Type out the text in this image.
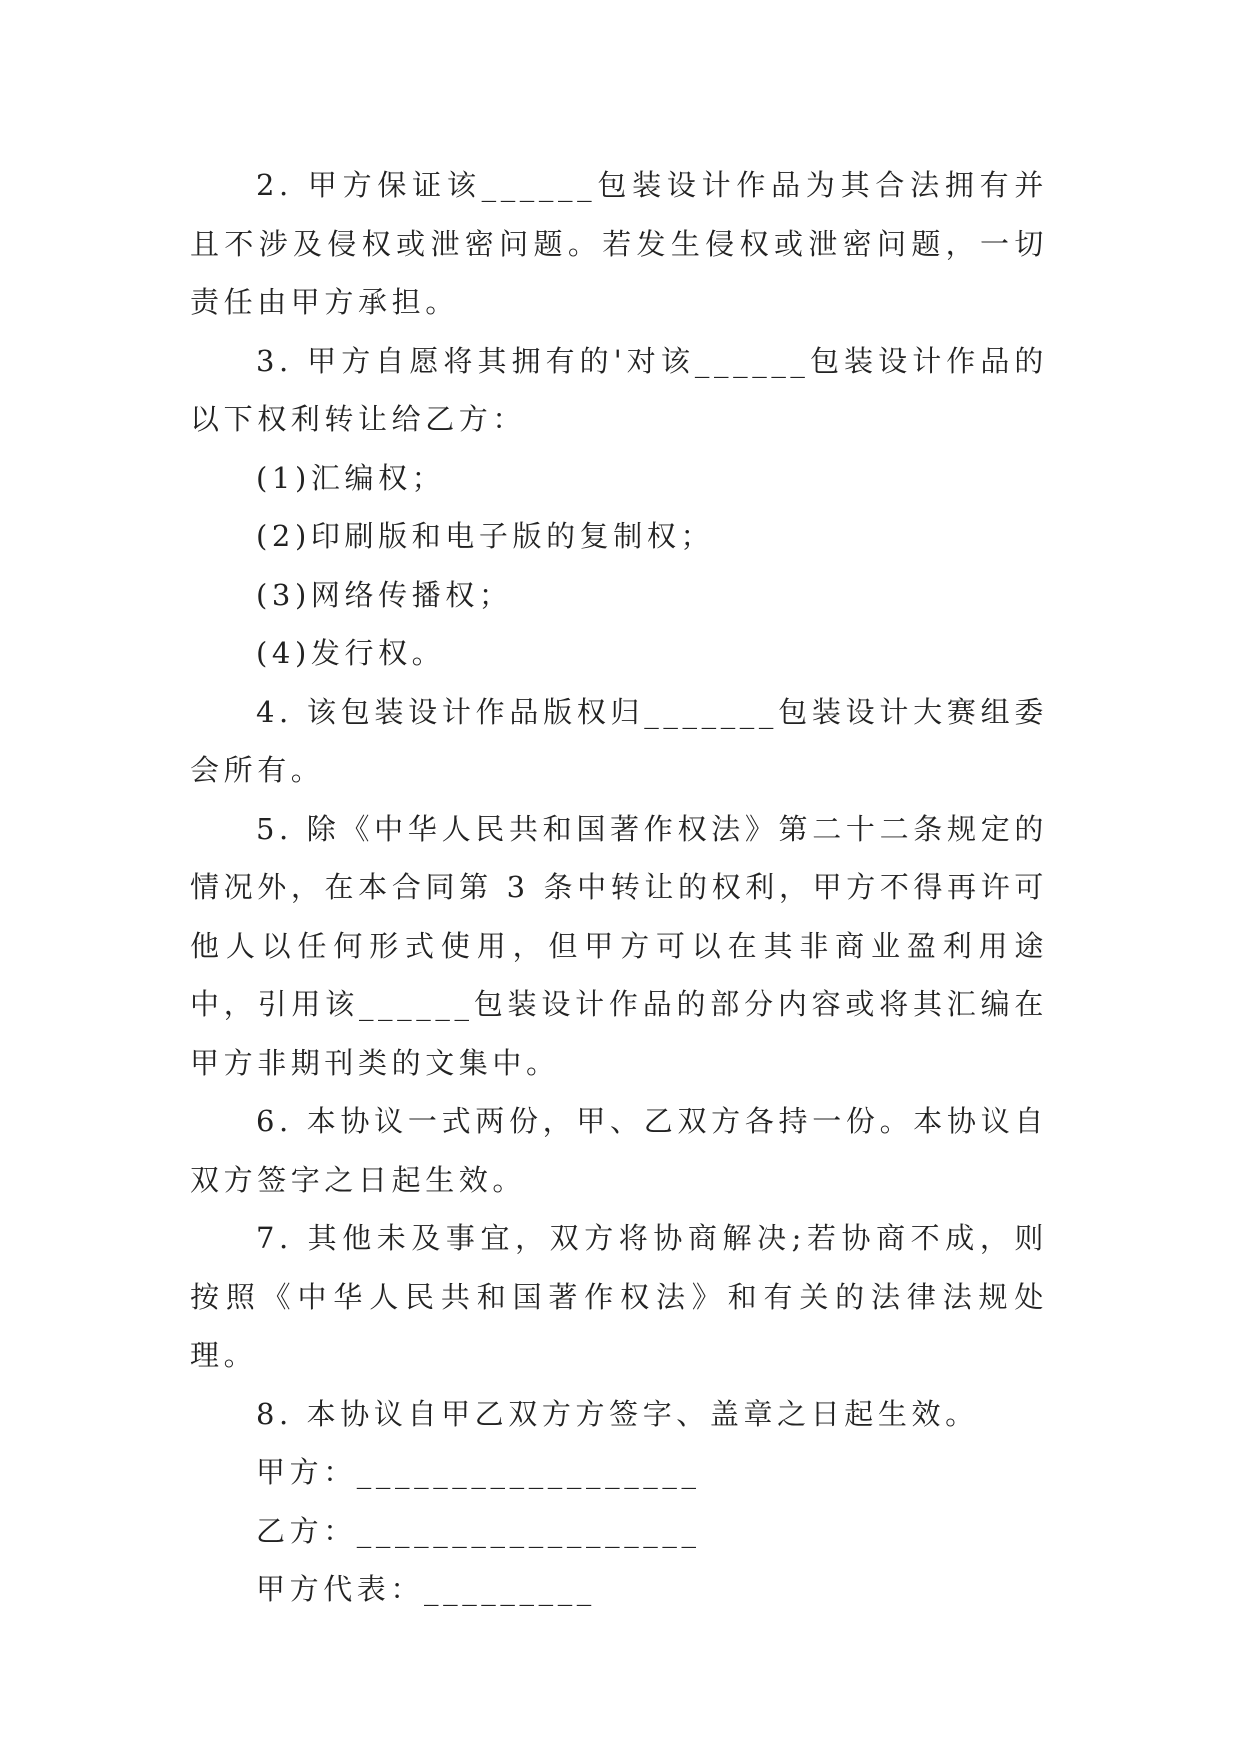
2. 甲方保证该______包装设计作品为其合法拥有并且不涉及侵权或泄密问题。若发生侵权或泄密问题，一切责任由甲方承担。

3. 甲方自愿将其拥有的'对该______包装设计作品的以下权利转让给乙方：

(1)汇编权；

(2)印刷版和电子版的复制权；

(3)网络传播权；

(4)发行权。

4. 该包装设计作品版权归_______包装设计大赛组委会所有。

5. 除《中华人民共和国著作权法》第二十二条规定的情况外，在本合同第 3 条中转让的权利，甲方不得再许可他人以任何形式使用，但甲方可以在其非商业盈利用途中，引用该______包装设计作品的部分内容或将其汇编在甲方非期刊类的文集中。

6. 本协议一式两份，甲、乙双方各持一份。本协议自双方签字之日起生效。

7. 其他未及事宜，双方将协商解决;若协商不成，则按照《中华人民共和国著作权法》和有关的法律法规处理。

8. 本协议自甲乙双方方签字、盖章之日起生效。

甲方：__________________

乙方：__________________

甲方代表：_________
